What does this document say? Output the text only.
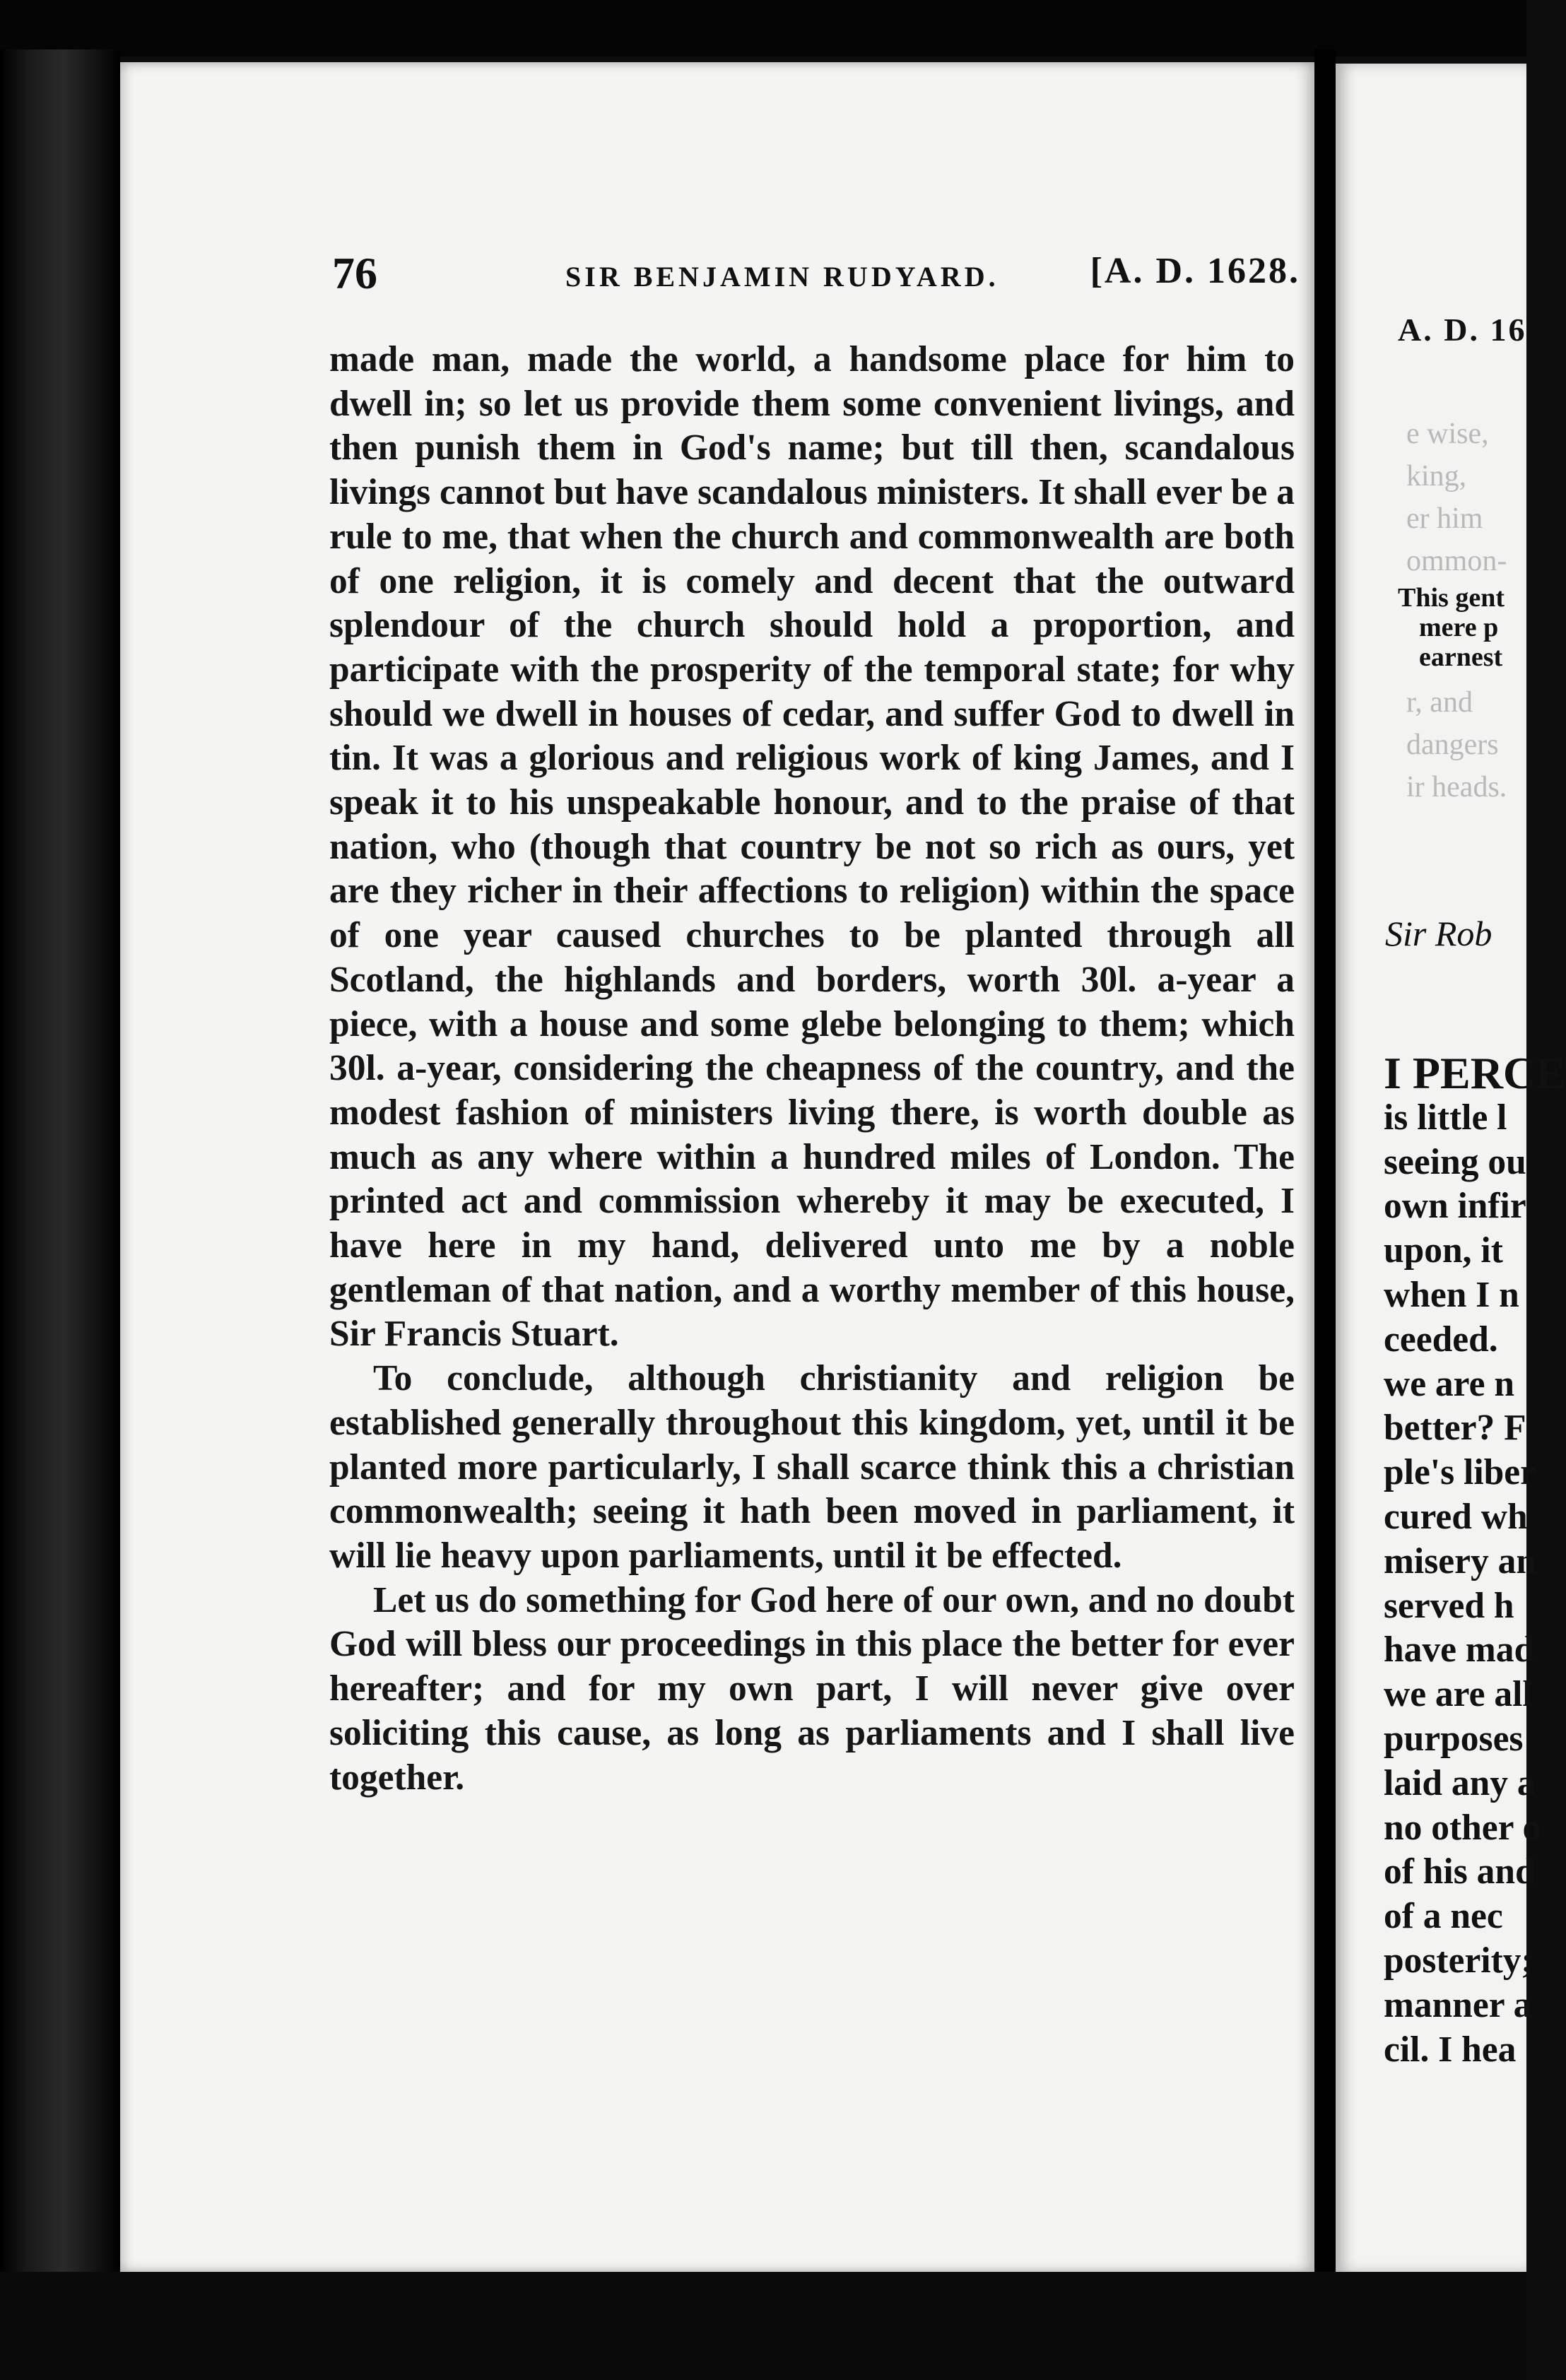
76	SIR BENJAMIN RUDYARD. [A. D. 1628.

made man, made the world, a handsome place for him to dwell in; so let us provide them some convenient livings, and then punish them in God's name; but till then, scandalous livings cannot but have scandalous ministers. It shall ever be a rule to me, that when the church and commonwealth are both of one religion, it is comely and decent that the outward splendour of the church should hold a proportion, and participate with the prosperity of the temporal state; for why should we dwell in houses of cedar, and suffer God to dwell in tin. It was a glorious and religious work of king James, and I speak it to his unspeakable honour, and to the praise of that nation, who (though that country be not so rich as ours, yet are they richer in their affections to religion) within the space of one year caused churches to be planted through all Scotland, the highlands and borders, worth 30l. a-year a piece, with a house and some glebe belonging to them; which 30l. a-year, considering the cheapness of the country, and the modest fashion of ministers living there, is worth double as much as any where within a hundred miles of London. The printed act and commission whereby it may be executed, I have here in my hand, delivered unto me by a noble gentleman of that nation, and a worthy member of this house, Sir Francis Stuart.

To conclude, although christianity and religion be established generally throughout this kingdom, yet, until it be planted more particularly, I shall scarce think this a christian commonwealth; seeing it hath been moved in parliament, it will lie heavy upon parliaments, until it be effected.

Let us do something for God here of our own, and no doubt God will bless our proceedings in this place the better for ever hereafter; and for my own part, I will never give over soliciting this cause, as long as parliaments and I shall live together.

A. D. 16
e wise,
king,
er him
ommon-
r, and
dangers
ir heads.
This gent
mere p
earnest
Sir Rob
I PERCE
is little l
seeing ou
own infir
upon, it
when I n
ceeded.
we are n
better? F
ple's liber
cured wh
misery an
served h
have mad
we are all
purposes
laid any a
no other o
of his and
of a nec
posterity;
manner a
cil. I hea
